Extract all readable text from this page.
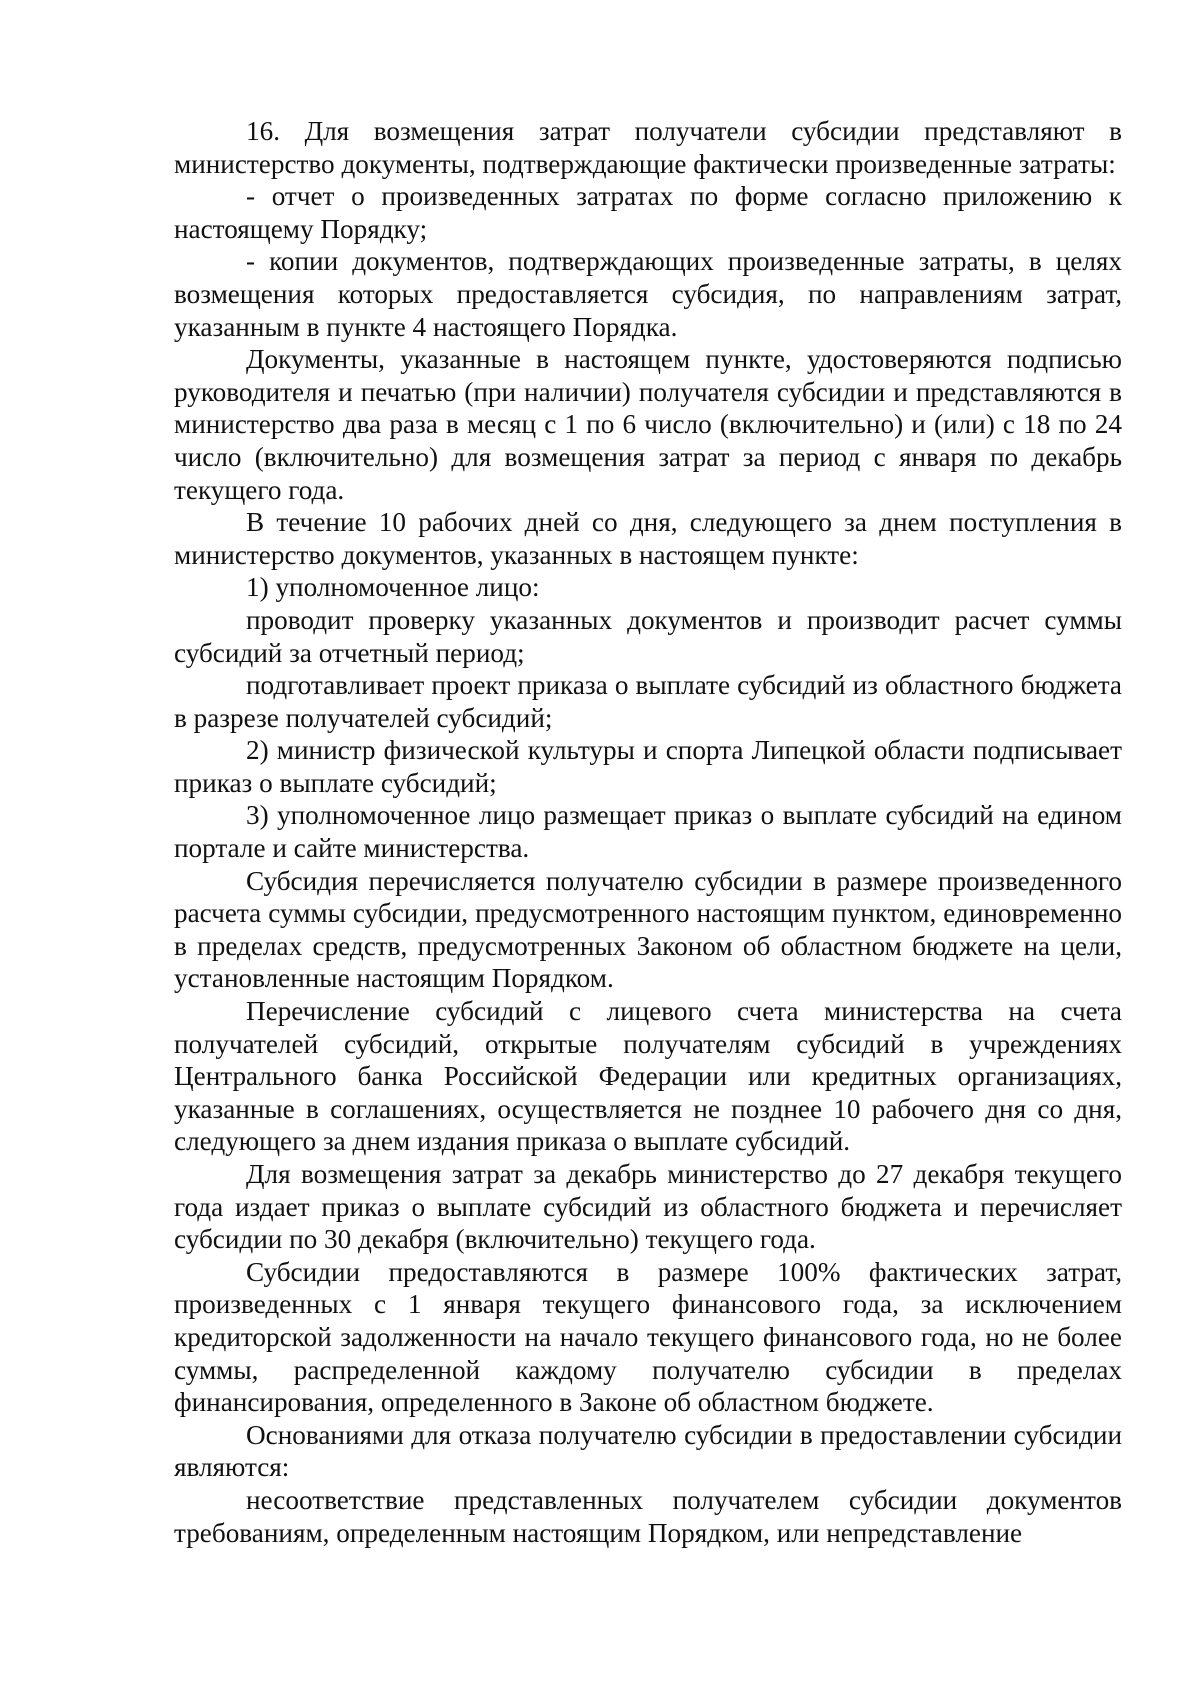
16. Для возмещения затрат получатели субсидии представляют в министерство документы, подтверждающие фактически произведенные затраты:

- отчет о произведенных затратах по форме согласно приложению к настоящему Порядку;

- копии документов, подтверждающих произведенные затраты, в целях возмещения которых предоставляется субсидия, по направлениям затрат, указанным в пункте 4 настоящего Порядка.

Документы, указанные в настоящем пункте, удостоверяются подписью руководителя и печатью (при наличии) получателя субсидии и представляются в министерство два раза в месяц с 1 по 6 число (включительно) и (или) с 18 по 24 число (включительно) для возмещения затрат за период с января по декабрь текущего года.

В течение 10 рабочих дней со дня, следующего за днем поступления в министерство документов, указанных в настоящем пункте:

1) уполномоченное лицо:

проводит проверку указанных документов и производит расчет суммы субсидий за отчетный период;

подготавливает проект приказа о выплате субсидий из областного бюджета в разрезе получателей субсидий;

2) министр физической культуры и спорта Липецкой области подписывает приказ о выплате субсидий;

3) уполномоченное лицо размещает приказ о выплате субсидий на едином портале и сайте министерства.

Субсидия перечисляется получателю субсидии в размере произведенного расчета суммы субсидии, предусмотренного настоящим пунктом, единовременно в пределах средств, предусмотренных Законом об областном бюджете на цели, установленные настоящим Порядком.

Перечисление субсидий с лицевого счета министерства на счета получателей субсидий, открытые получателям субсидий в учреждениях Центрального банка Российской Федерации или кредитных организациях, указанные в соглашениях, осуществляется не позднее 10 рабочего дня со дня, следующего за днем издания приказа о выплате субсидий.

Для возмещения затрат за декабрь министерство до 27 декабря текущего года издает приказ о выплате субсидий из областного бюджета и перечисляет субсидии по 30 декабря (включительно) текущего года.

Субсидии предоставляются в размере 100% фактических затрат, произведенных с 1 января текущего финансового года, за исключением кредиторской задолженности на начало текущего финансового года, но не более суммы, распределенной каждому получателю субсидии в пределах финансирования, определенного в Законе об областном бюджете.

Основаниями для отказа получателю субсидии в предоставлении субсидии являются:

несоответствие представленных получателем субсидии документов требованиям, определенным настоящим Порядком, или непредставление
